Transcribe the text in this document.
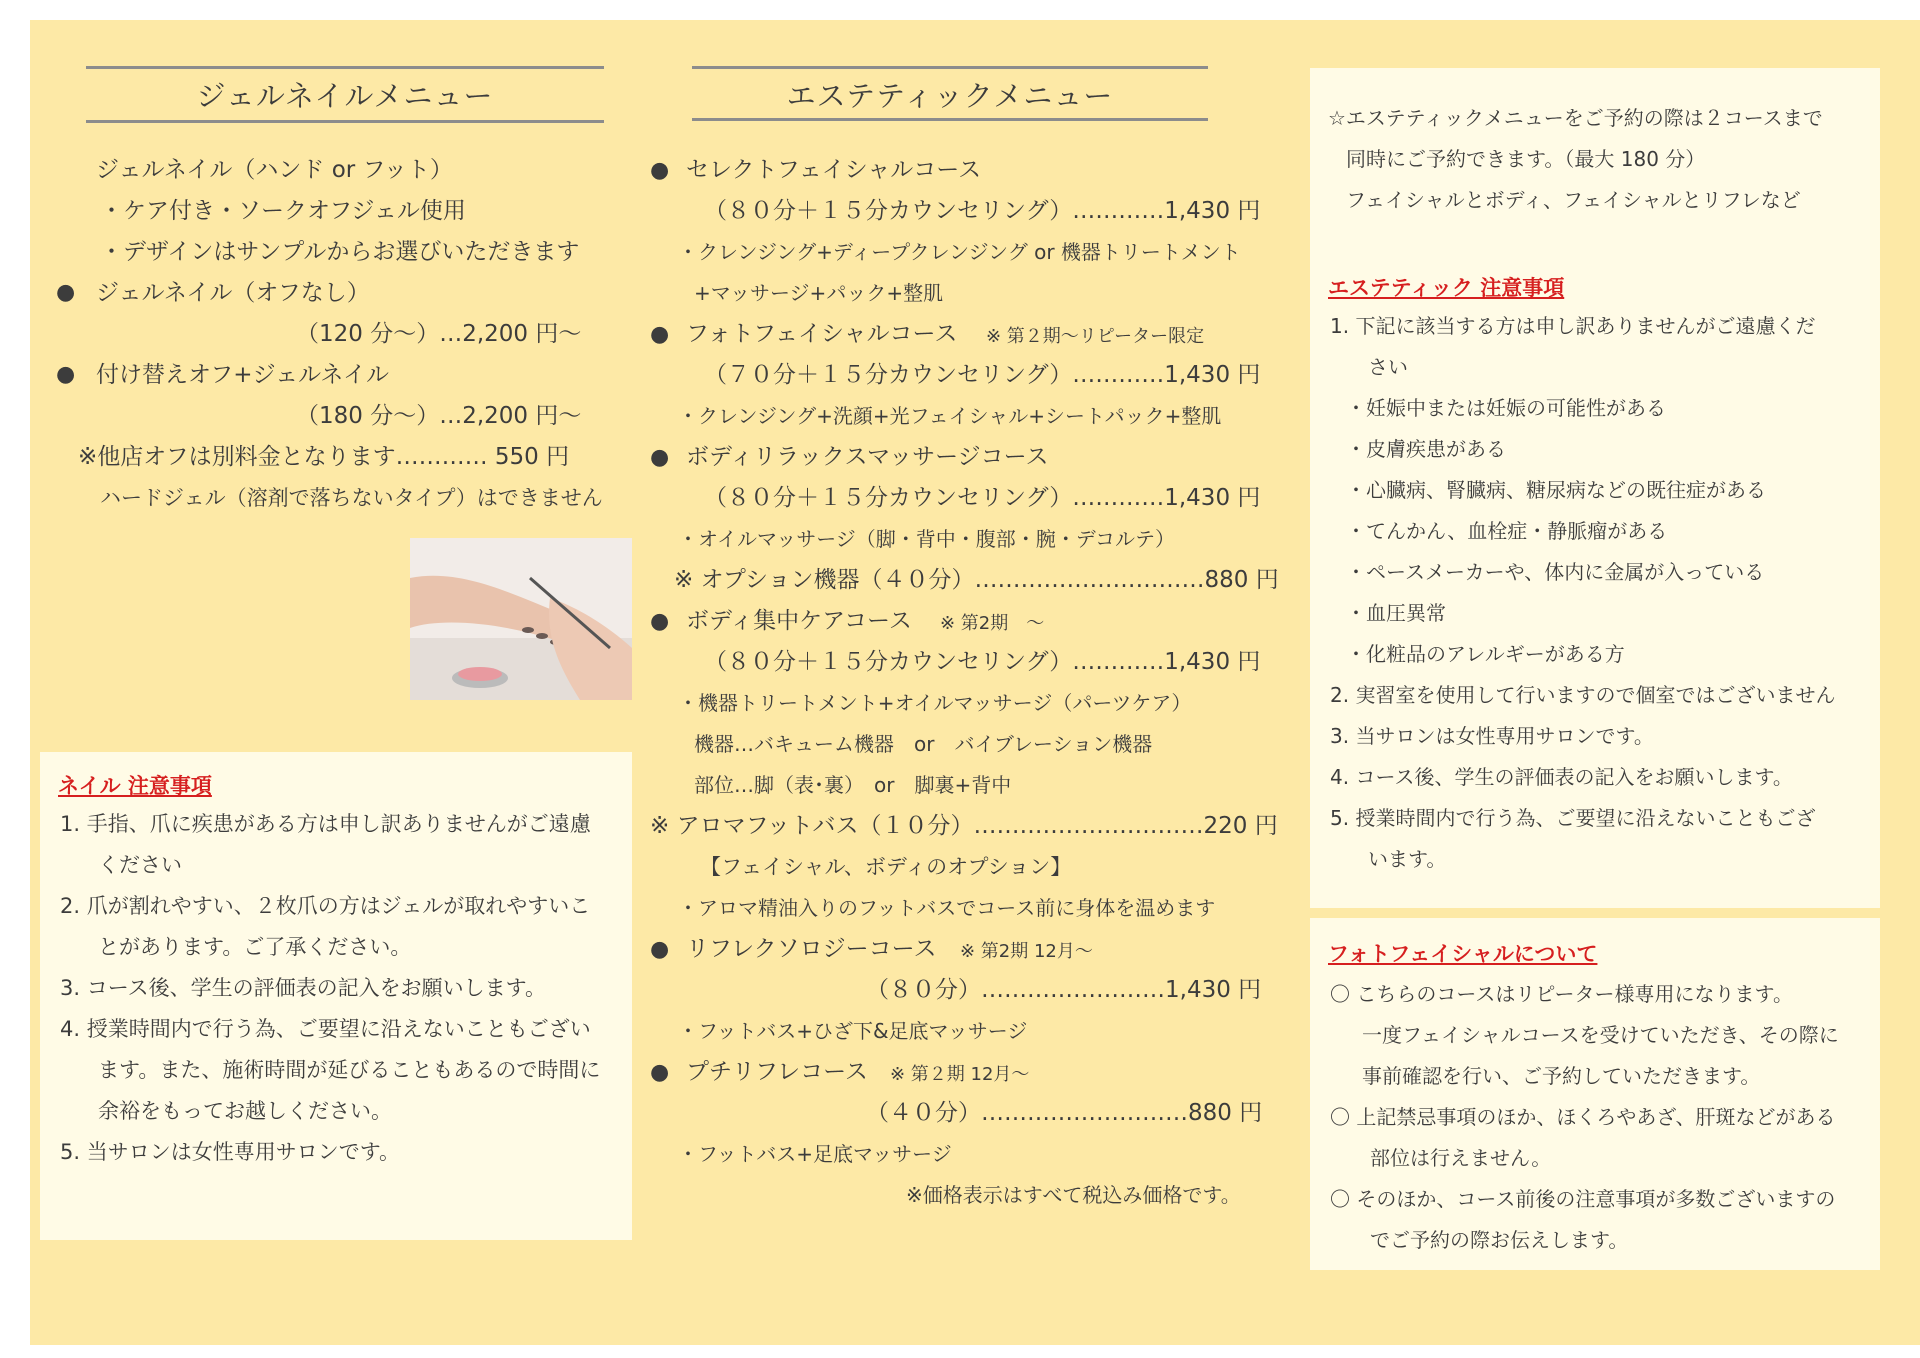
ジェルネイルメニュー
ジェルネイル（ハンド or フット）
・ケア付き・ソークオフジェル使用
・デザインはサンプルからお選びいただきます
● ジェルネイル（オフなし）
（120 分～）…2,200 円～
● 付け替えオフ+ジェルネイル
（180 分～）…2,200 円～
※他店オフは別料金となります………… 550 円
ハードジェル（溶剤で落ちないタイプ）はできません
ネイル 注意事項
1. 手指、爪に疾患がある方は申し訳ありませんがご遠慮
ください
2. 爪が割れやすい、２枚爪の方はジェルが取れやすいこ
とがあります。ご了承ください。
3. コース後、学生の評価表の記入をお願いします。
4. 授業時間内で行う為、ご要望に沿えないこともござい
ます。また、施術時間が延びることもあるので時間に
余裕をもってお越しください。
5. 当サロンは女性専用サロンです。
エステティックメニュー
● セレクトフェイシャルコース
（８０分＋１５分カウンセリング）…………1,430 円
・クレンジング+ディープクレンジング or 機器トリートメント
+マッサージ+パック+整肌
● フォトフェイシャルコース ※ 第２期～リピーター限定
（７０分＋１５分カウンセリング）…………1,430 円
・クレンジング+洗顔+光フェイシャル+シートパック+整肌
● ボディリラックスマッサージコース
（８０分＋１５分カウンセリング）…………1,430 円
・オイルマッサージ（脚・背中・腹部・腕・デコルテ）
※ オプション機器（４０分）…………………………880 円
● ボディ集中ケアコース ※ 第2期　～
（８０分＋１５分カウンセリング）…………1,430 円
・機器トリートメント+オイルマッサージ（パーツケア）
機器…バキューム機器　or　バイブレーション機器
部位…脚（表･裏）　or　脚裏+背中
※ アロマフットバス（１０分）…………………………220 円
【フェイシャル、ボディのオプション】
・アロマ精油入りのフットバスでコース前に身体を温めます
● リフレクソロジーコース ※ 第2期 12月～
（８０分）……………………1,430 円
・フットバス+ひざ下&足底マッサージ
● プチリフレコース ※ 第２期 12月～
（４０分）………………………880 円
・フットバス+足底マッサージ
※価格表示はすべて税込み価格です。
☆エステティックメニューをご予約の際は２コースまで
同時にご予約できます。（最大 180 分）
フェイシャルとボディ、フェイシャルとリフレなど
エステティック 注意事項
1. 下記に該当する方は申し訳ありませんがご遠慮くだ
さい
・妊娠中または妊娠の可能性がある
・皮膚疾患がある
・心臓病、腎臓病、糖尿病などの既往症がある
・てんかん、血栓症・静脈瘤がある
・ペースメーカーや、体内に金属が入っている
・血圧異常
・化粧品のアレルギーがある方
2. 実習室を使用して行いますので個室ではございません
3. 当サロンは女性専用サロンです。
4. コース後、学生の評価表の記入をお願いします。
5. 授業時間内で行う為、ご要望に沿えないこともござ
います。
フォトフェイシャルについて
〇 こちらのコースはリピーター様専用になります。
一度フェイシャルコースを受けていただき、その際に
事前確認を行い、ご予約していただきます。
〇 上記禁忌事項のほか、ほくろやあざ、肝斑などがある
部位は行えません。
〇 そのほか、コース前後の注意事項が多数ございますの
でご予約の際お伝えします。
